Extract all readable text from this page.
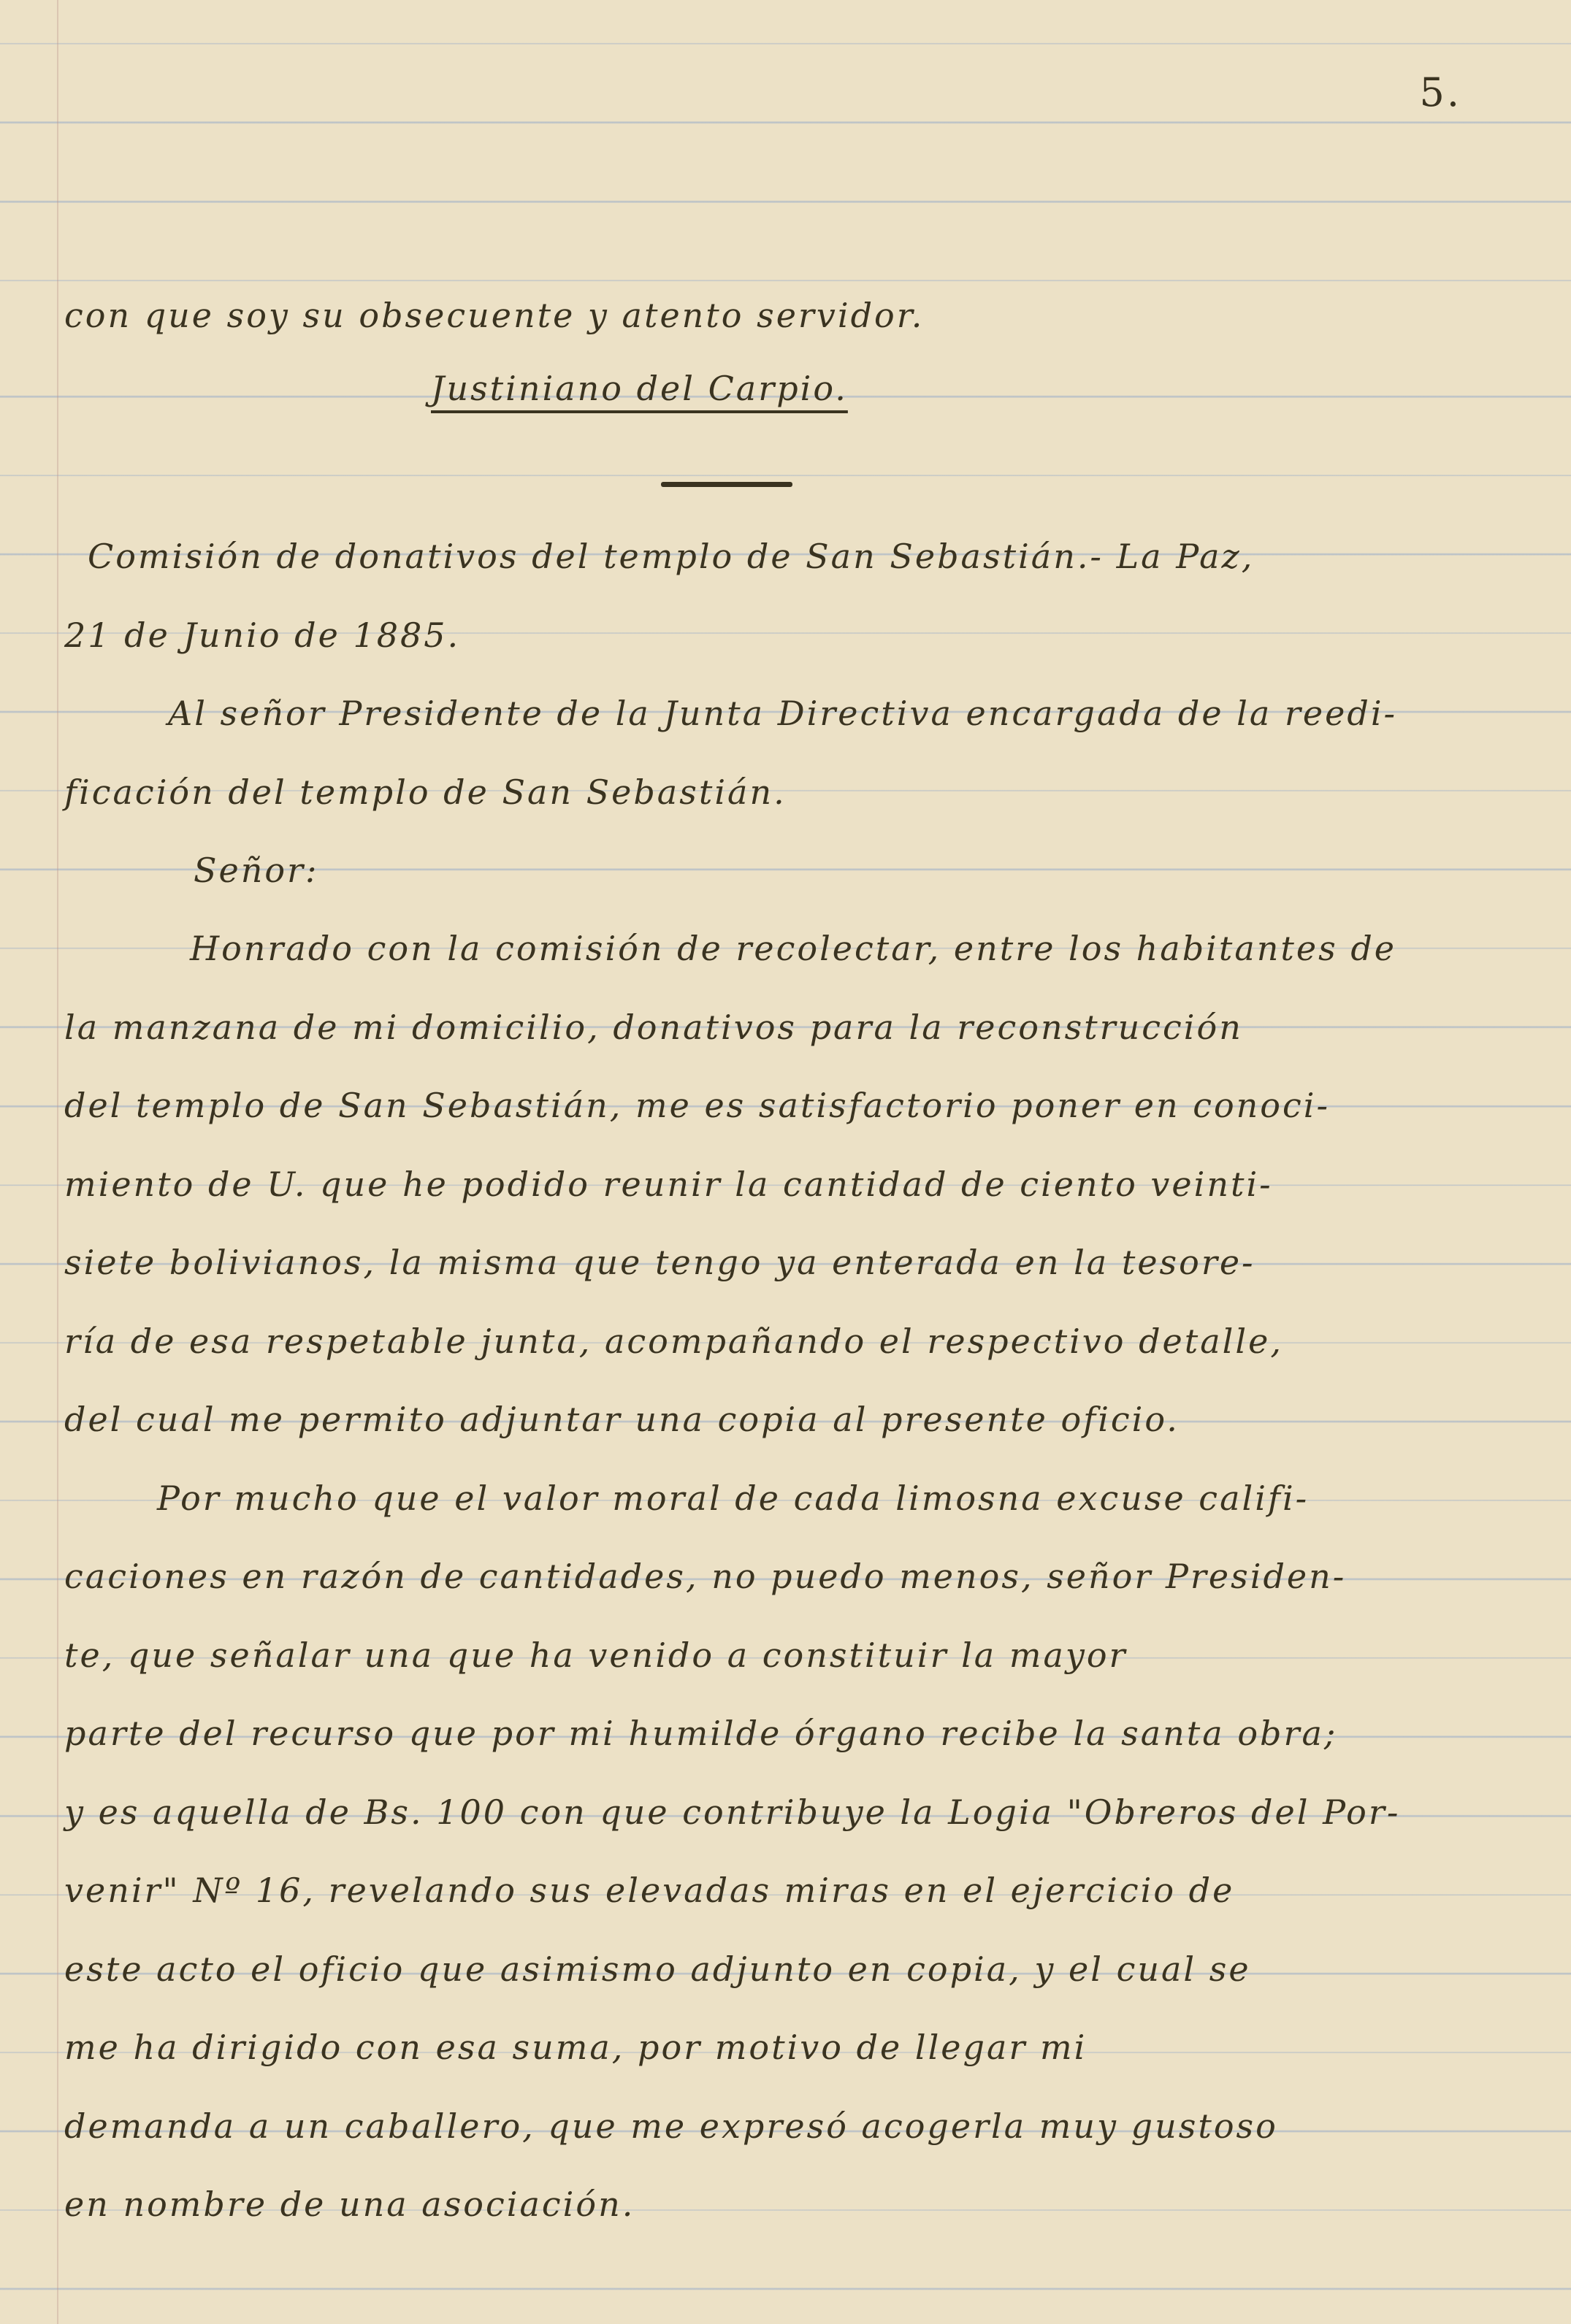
5.
con que soy su obsecuente y atento servidor.
Justiniano del Carpio.
Comisión de donativos del templo de San Sebastián.- La Paz,
21 de Junio de 1885.
Al señor Presidente de la Junta Directiva encargada de la reedi-
ficación del templo de San Sebastián.
Señor:
Honrado con la comisión de recolectar, entre los habitantes de
la manzana de mi domicilio, donativos para la reconstrucción
del templo de San Sebastián, me es satisfactorio poner en conoci-
miento de U. que he podido reunir la cantidad de ciento veinti-
siete bolivianos, la misma que tengo ya enterada en la tesore-
ría de esa respetable junta, acompañando el respectivo detalle,
del cual me permito adjuntar una copia al presente oficio.
Por mucho que el valor moral de cada limosna excuse califi-
caciones en razón de cantidades, no puedo menos, señor Presiden-
te, que señalar una que ha venido a constituir la mayor
parte del recurso que por mi humilde órgano recibe la santa obra;
y es aquella de Bs. 100 con que contribuye la Logia "Obreros del Por-
venir" Nº 16, revelando sus elevadas miras en el ejercicio de
este acto el oficio que asimismo adjunto en copia, y el cual se
me ha dirigido con esa suma, por motivo de llegar mi
demanda a un caballero, que me expresó acogerla muy gustoso
en nombre de una asociación.
